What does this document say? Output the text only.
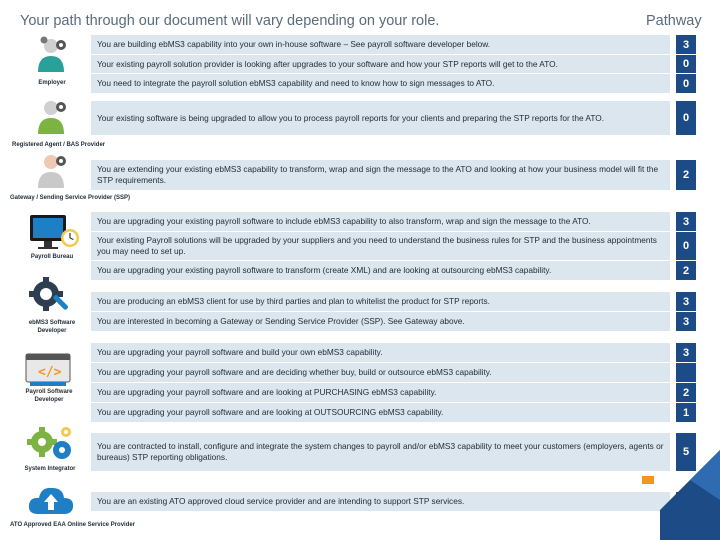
Your path through our document will vary depending on your role.	Pathway
Employer
Registered Agent / BAS Provider
Gateway / Sending Service Provider (SSP)
Payroll Bureau
ebMS3 Software Developer
</>
Payroll Software Developer
System Integrator
ATO Approved EAA Online Service Provider
You are building ebMS3 capability into your own in-house software – See payroll software developer below.
Your existing payroll solution provider is looking after upgrades to your software and how your STP reports will get to the ATO.
You need to integrate the payroll solution ebMS3 capability and need to know how to sign messages to ATO.
Your existing software is being upgraded to allow you to process payroll reports for your clients and preparing the STP reports for the ATO.
You are extending your existing ebMS3 capability to transform, wrap and sign the message to the ATO and looking at how your business model will fit the STP requirements.
You are upgrading your existing payroll software to include ebMS3 capability to also transform, wrap and sign the message to the ATO.
Your existing Payroll solutions will be upgraded by your suppliers and you need to understand the business rules for STP and the business appointments you may need to set up.
You are upgrading your existing payroll software to transform (create XML) and are looking at outsourcing ebMS3 capability.
You are producing an ebMS3 client for use by third parties and plan to whitelist the product for STP reports.
You are interested in becoming a Gateway or Sending Service Provider (SSP). See Gateway above.
You are upgrading your payroll software and build your own ebMS3 capability.
You are upgrading your payroll software and are deciding whether buy, build or outsource ebMS3 capability.
You are upgrading your payroll software and are looking at PURCHASING ebMS3 capability.
You are upgrading your payroll software and are looking at OUTSOURCING ebMS3 capability.
You are contracted to install, configure and integrate the system changes to payroll and/or ebMS3 capability to meet your customers (employers, agents or bureaus) STP reporting obligations.
You are an existing ATO approved cloud service provider and are intending to support STP services.
3
0
0
0
2
3
0
2
3
3
3
2
1
5
